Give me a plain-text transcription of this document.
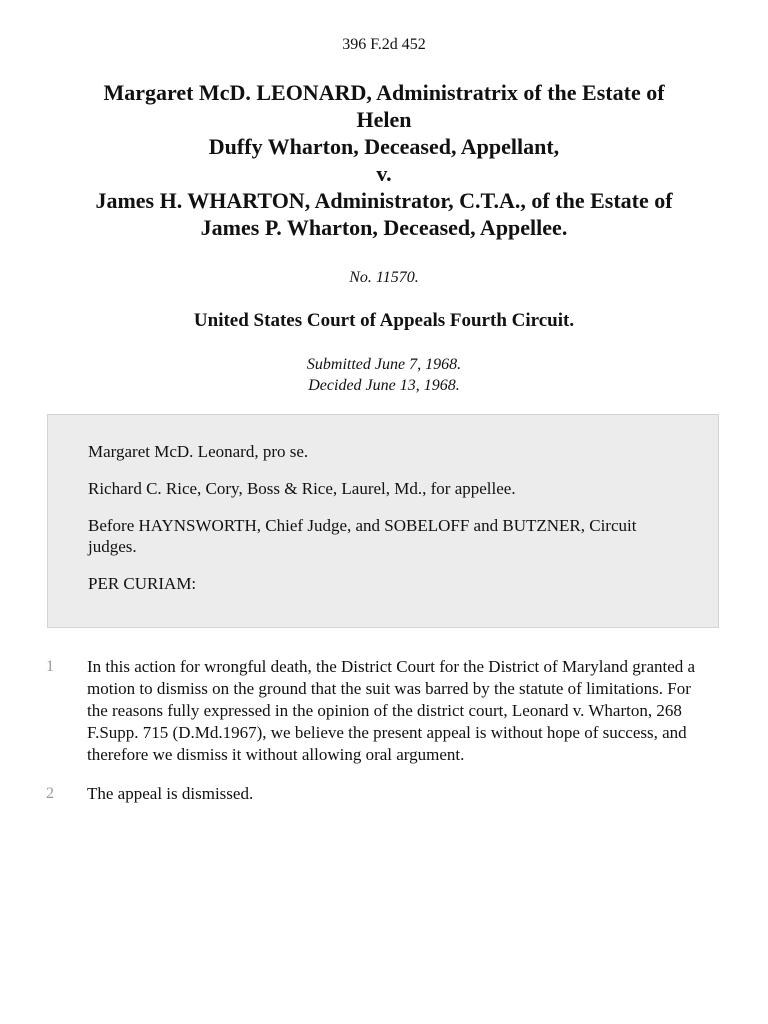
396 F.2d 452
Margaret McD. LEONARD, Administratrix of the Estate of
Helen
Duffy Wharton, Deceased, Appellant,
v.
James H. WHARTON, Administrator, C.T.A., of the Estate of
James P. Wharton, Deceased, Appellee.
No. 11570.
United States Court of Appeals Fourth Circuit.
Submitted June 7, 1968.
Decided June 13, 1968.

Margaret McD. Leonard, pro se.

Richard C. Rice, Cory, Boss & Rice, Laurel, Md., for appellee.

Before HAYNSWORTH, Chief Judge, and SOBELOFF and BUTZNER, Circuit judges.

PER CURIAM:

1 In this action for wrongful death, the District Court for the District of Maryland granted a motion to dismiss on the ground that the suit was barred by the statute of limitations. For the reasons fully expressed in the opinion of the district court, Leonard v. Wharton, 268 F.Supp. 715 (D.Md.1967), we believe the present appeal is without hope of success, and therefore we dismiss it without allowing oral argument.
2 The appeal is dismissed.
